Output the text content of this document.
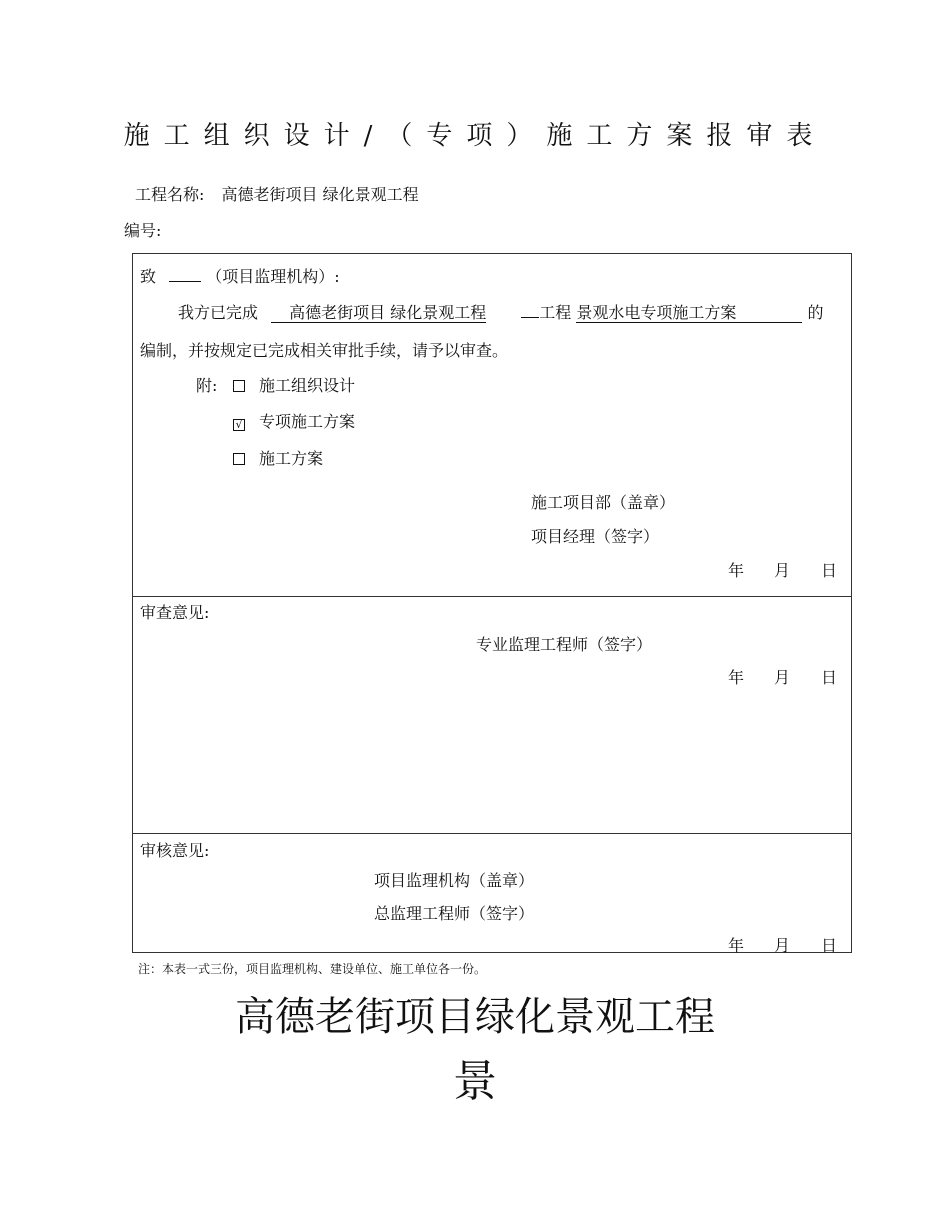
施工组织设计/（专项）施工方案报审表
工程名称: 高德老街项目 绿化景观工程
编号:
致	（项目监理机构）:
我方已完成 高德老街项目 绿化景观工程	工程 景观水电专项施工方案	的
编制，并按规定已完成相关审批手续，请予以审查。
附:	施工组织设计
√ 专项施工方案
施工方案
施工项目部（盖章）
项目经理（签字）
年 月 日
审查意见:
专业监理工程师（签字）
年 月 日
审核意见:
项目监理机构（盖章）
总监理工程师（签字）
年 月 日
注：本表一式三份，项目监理机构、建设单位、施工单位各一份。
高德老街项目绿化景观工程
景
